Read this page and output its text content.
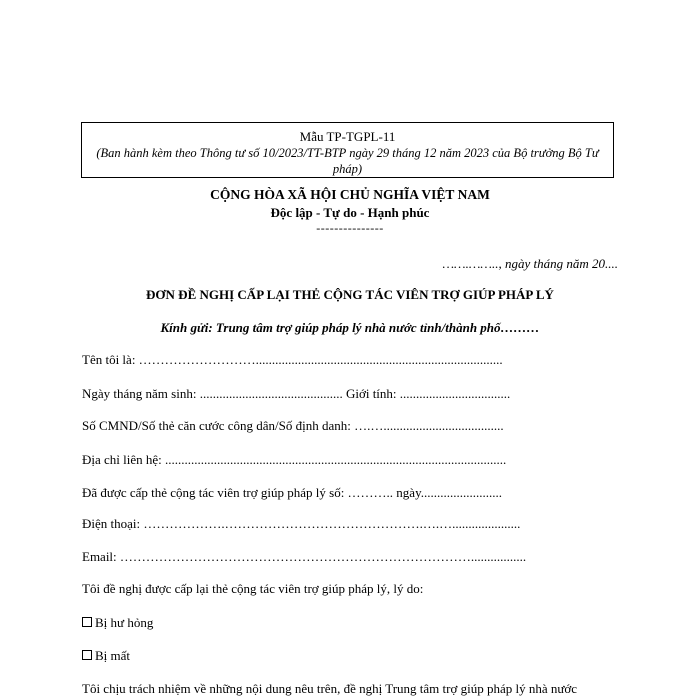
Mẫu TP-TGPL-11
(Ban hành kèm theo Thông tư số 10/2023/TT-BTP ngày 29 tháng 12 năm 2023 của Bộ trưởng Bộ Tư pháp)
CỘNG HÒA XÃ HỘI CHỦ NGHĨA VIỆT NAM
Độc lập - Tự do - Hạnh phúc
---------------
…….…….., ngày tháng năm 20....
ĐƠN ĐỀ NGHỊ CẤP LẠI THẺ CỘNG TÁC VIÊN TRỢ GIÚP PHÁP LÝ
Kính gửi: Trung tâm trợ giúp pháp lý nhà nước tỉnh/thành phố………
Tên tôi là: ………………………............................................................................
Ngày tháng năm sinh: ............................................ Giới tính: ..................................
Số CMND/Số thẻ căn cước công dân/Số định danh: ….….....................................
Địa chỉ liên hệ: .........................................................................................................
Đã được cấp thẻ cộng tác viên trợ giúp pháp lý số: ……….. ngày.........................
Điện thoại: ……………….……………………………………….….….....................
Email: ……………………………………………………………………….................
Tôi đề nghị được cấp lại thẻ cộng tác viên trợ giúp pháp lý, lý do:
Bị hư hỏng
Bị mất
Tôi chịu trách nhiệm về những nội dung nêu trên, đề nghị Trung tâm trợ giúp pháp lý nhà nước
